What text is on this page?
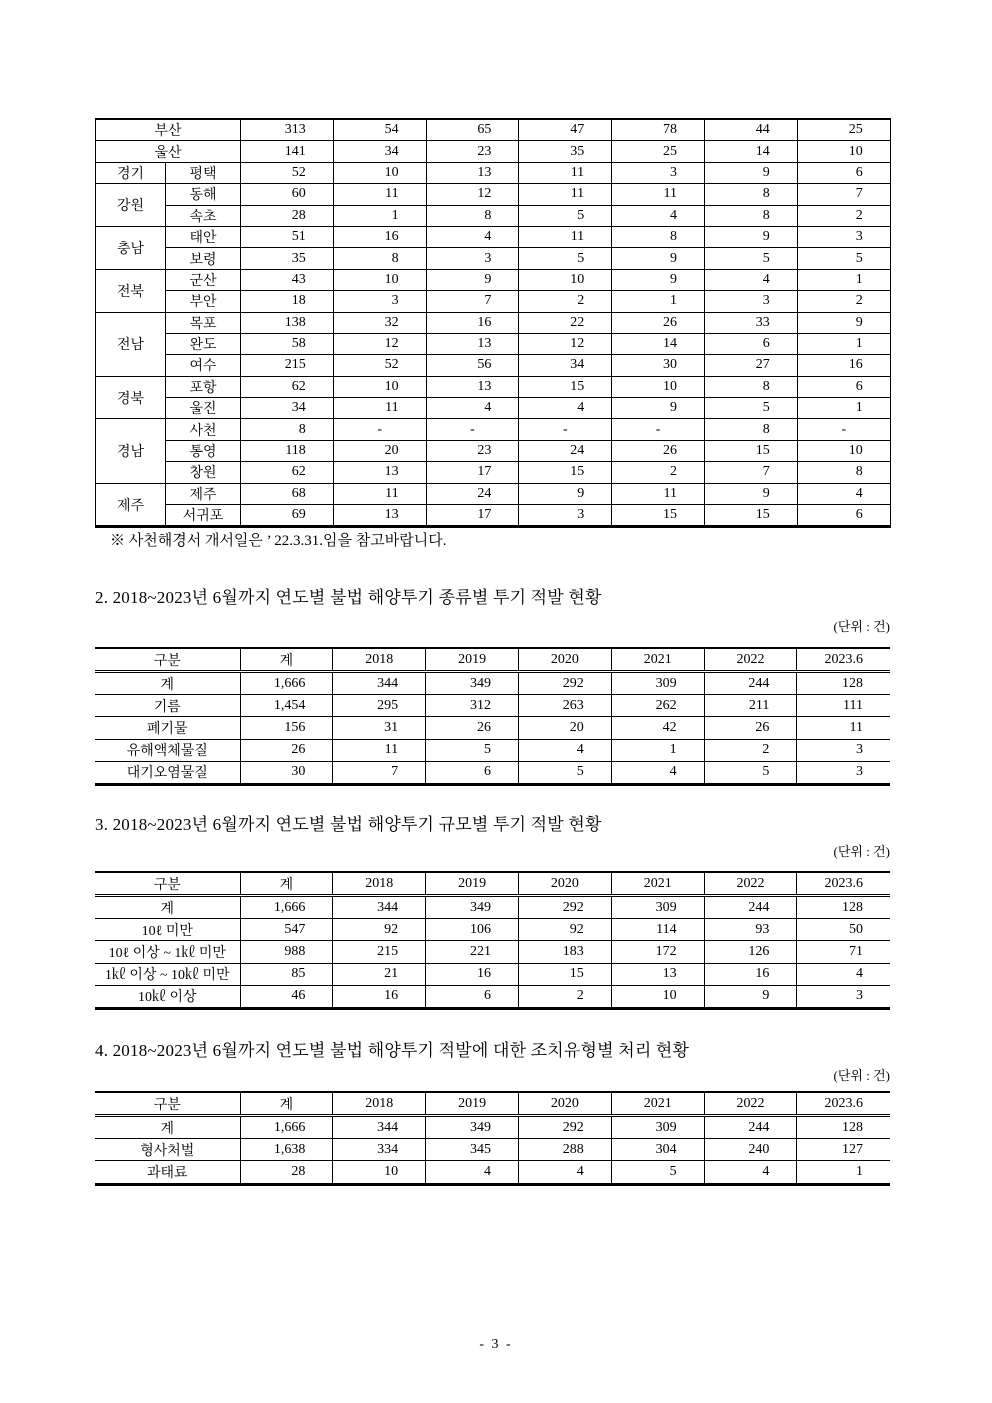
부산		313	54	65	47	78	44	25
울산		141	34	23	35	25	14	10
경기	평택	52	10	13	11	3	9	6
강원	동해	60	11	12	11	11	8	7
	속초	28	1	8	5	4	8	2
충남	태안	51	16	4	11	8	9	3
	보령	35	8	3	5	9	5	5
전북	군산	43	10	9	10	9	4	1
	부안	18	3	7	2	1	3	2
전남	목포	138	32	16	22	26	33	9
	완도	58	12	13	12	14	6	1
	여수	215	52	56	34	30	27	16
경북	포항	62	10	13	15	10	8	6
	울진	34	11	4	4	9	5	1
경남	사천	8	-	-	-	-	8	-
	통영	118	20	23	24	26	15	10
	창원	62	13	17	15	2	7	8
제주	제주	68	11	24	9	11	9	4
	서귀포	69	13	17	3	15	15	6
※ 사천해경서 개서일은 ’ 22.3.31.임을 참고바랍니다.
2. 2018~2023년 6월까지 연도별 불법 해양투기 종류별 투기 적발 현황
(단위 : 건)
구분	계	2018	2019	2020	2021	2022	2023.6
계	1,666	344	349	292	309	244	128
기름	1,454	295	312	263	262	211	111
폐기물	156	31	26	20	42	26	11
유해액체물질	26	11	5	4	1	2	3
대기오염물질	30	7	6	5	4	5	3
3. 2018~2023년 6월까지 연도별 불법 해양투기 규모별 투기 적발 현황
(단위 : 건)
구분	계	2018	2019	2020	2021	2022	2023.6
계	1,666	344	349	292	309	244	128
10ℓ 미만	547	92	106	92	114	93	50
10ℓ 이상 ~ 1㎘ 미만	988	215	221	183	172	126	71
1㎘ 이상 ~ 10㎘ 미만	85	21	16	15	13	16	4
10㎘ 이상	46	16	6	2	10	9	3
4. 2018~2023년 6월까지 연도별 불법 해양투기 적발에 대한 조치유형별 처리 현황
(단위 : 건)
구분	계	2018	2019	2020	2021	2022	2023.6
계	1,666	344	349	292	309	244	128
형사처벌	1,638	334	345	288	304	240	127
과태료	28	10	4	4	5	4	1
- 3 -
